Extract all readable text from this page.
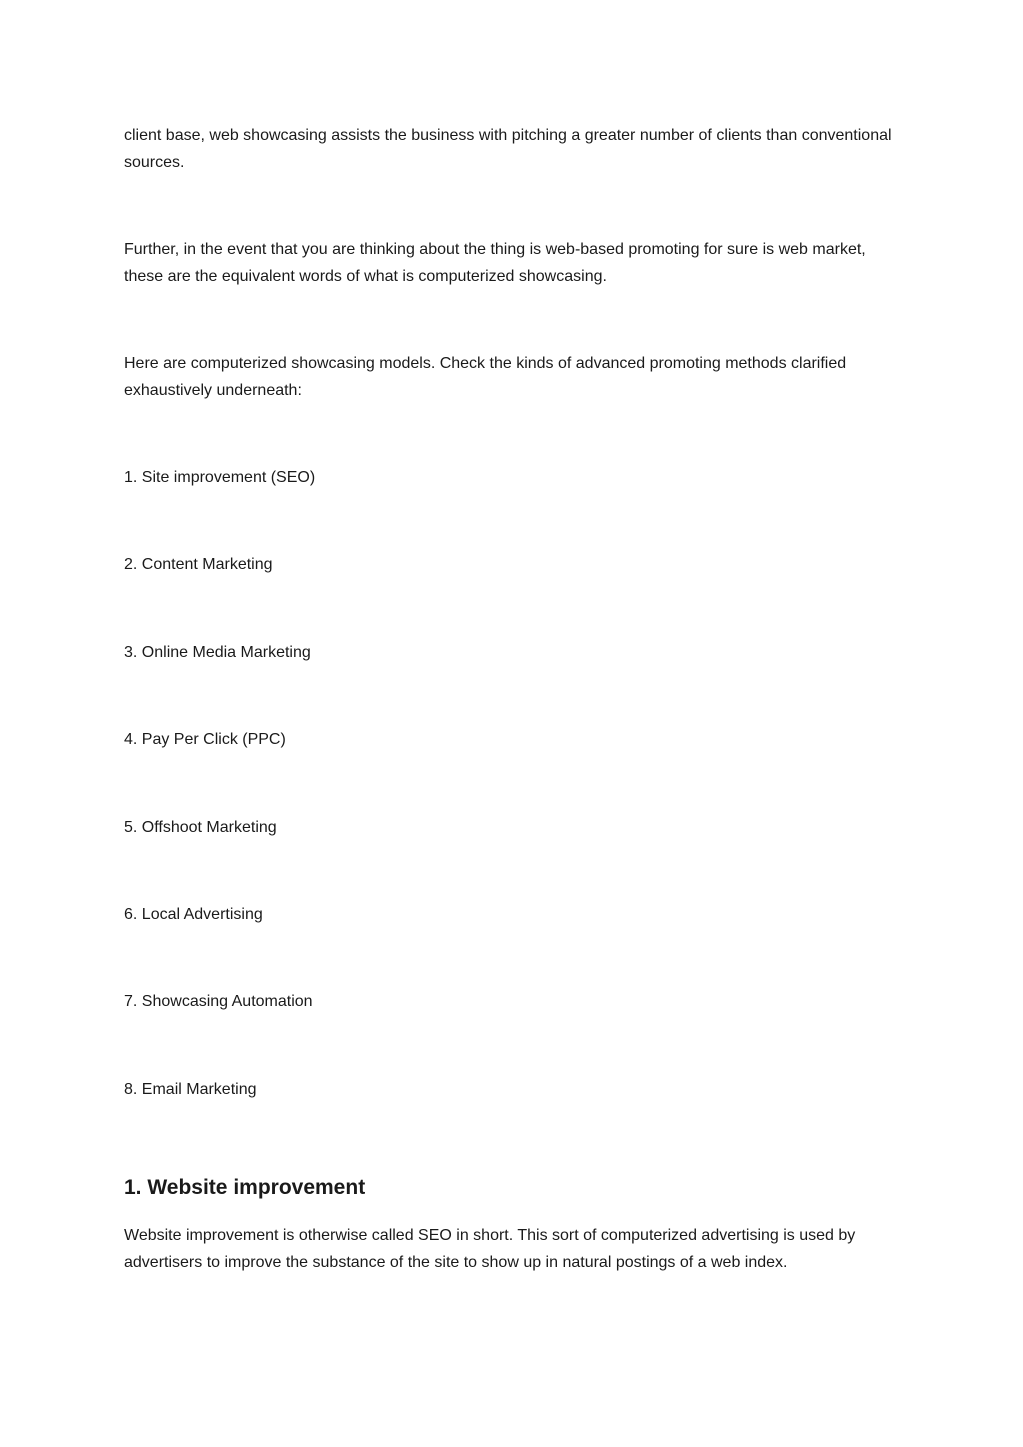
client base, web showcasing assists the business with pitching a greater number of clients than conventional sources.

Further, in the event that you are thinking about the thing is web-based promoting for sure is web market, these are the equivalent words of what is computerized showcasing.

Here are computerized showcasing models. Check the kinds of advanced promoting methods clarified exhaustively underneath:

1. Site improvement (SEO)

2. Content Marketing

3. Online Media Marketing

4. Pay Per Click (PPC)

5. Offshoot Marketing

6. Local Advertising

7. Showcasing Automation

8. Email Marketing

1. Website improvement

Website improvement is otherwise called SEO in short. This sort of computerized advertising is used by advertisers to improve the substance of the site to show up in natural postings of a web index.
